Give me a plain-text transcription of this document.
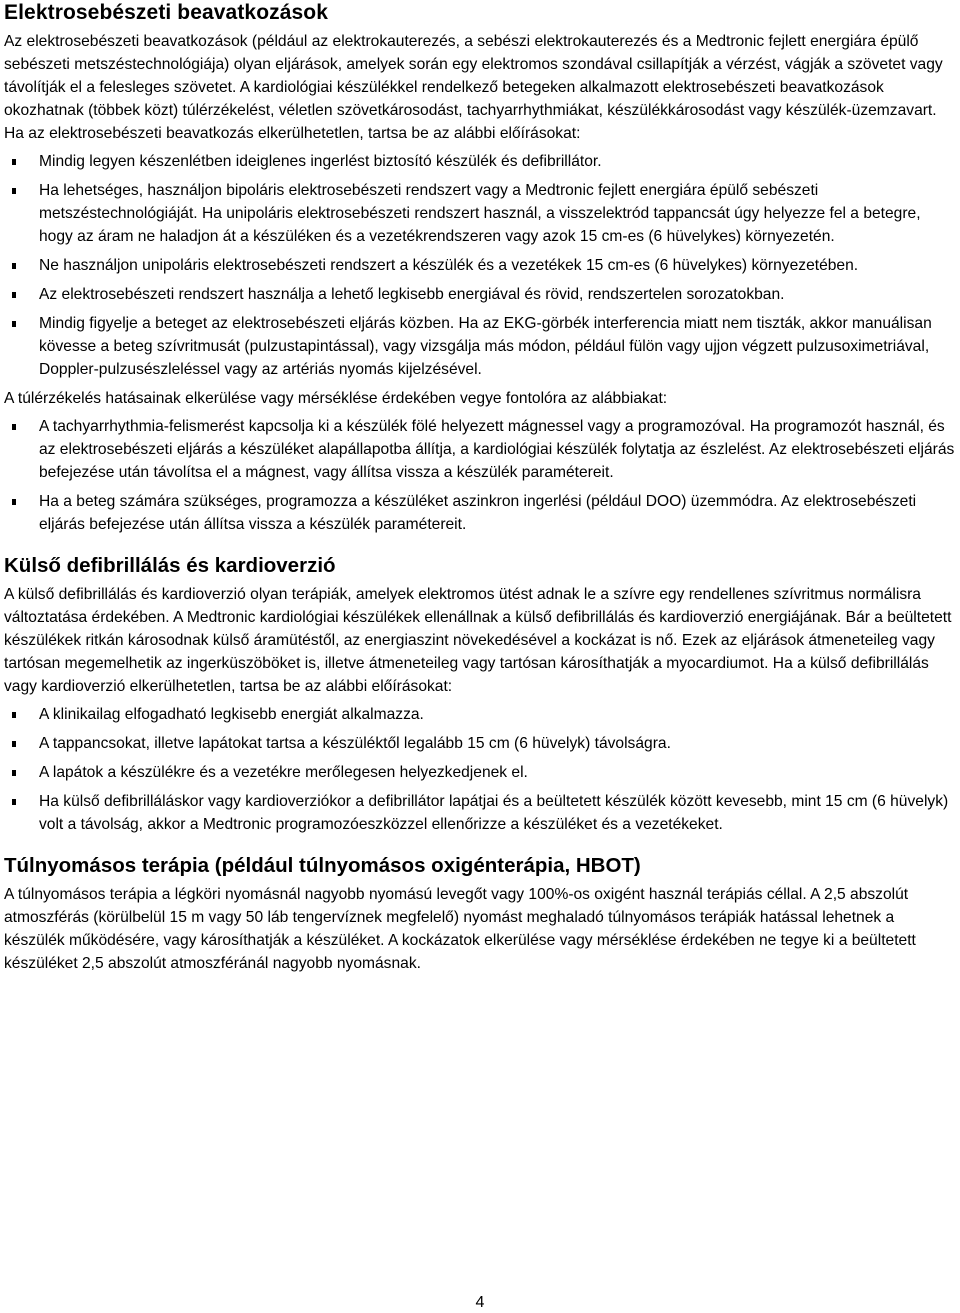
Elektrosebészeti beavatkozások

Az elektrosebészeti beavatkozások (például az elektrokauterezés, a sebészi elektrokauterezés és a Medtronic fejlett energiára épülő sebészeti metszéstechnológiája) olyan eljárások, amelyek során egy elektromos szondával csillapítják a vérzést, vágják a szövetet vagy távolítják el a felesleges szövetet. A kardiológiai készülékkel rendelkező betegeken alkalmazott elektrosebészeti beavatkozások okozhatnak (többek közt) túlérzékelést, véletlen szövetkárosodást, tachyarrhythmiákat, készülékkárosodást vagy készülék-üzemzavart. Ha az elektrosebészeti beavatkozás elkerülhetetlen, tartsa be az alábbi előírásokat:

Mindig legyen készenlétben ideiglenes ingerlést biztosító készülék és defibrillátor.
Ha lehetséges, használjon bipoláris elektrosebészeti rendszert vagy a Medtronic fejlett energiára épülő sebészeti metszéstechnológiáját. Ha unipoláris elektrosebészeti rendszert használ, a visszelektród tappancsát úgy helyezze fel a betegre, hogy az áram ne haladjon át a készüléken és a vezetékrendszeren vagy azok 15 cm-es (6 hüvelykes) környezetén.
Ne használjon unipoláris elektrosebészeti rendszert a készülék és a vezetékek 15 cm-es (6 hüvelykes) környezetében.
Az elektrosebészeti rendszert használja a lehető legkisebb energiával és rövid, rendszertelen sorozatokban.
Mindig figyelje a beteget az elektrosebészeti eljárás közben. Ha az EKG-görbék interferencia miatt nem tiszták, akkor manuálisan kövesse a beteg szívritmusát (pulzustapintással), vagy vizsgálja más módon, például fülön vagy ujjon végzett pulzusoximetriával, Doppler-pulzusészleléssel vagy az artériás nyomás kijelzésével.

A túlérzékelés hatásainak elkerülése vagy mérséklése érdekében vegye fontolóra az alábbiakat:

A tachyarrhythmia-felismerést kapcsolja ki a készülék fölé helyezett mágnessel vagy a programozóval. Ha programozót használ, és az elektrosebészeti eljárás a készüléket alapállapotba állítja, a kardiológiai készülék folytatja az észlelést. Az elektrosebészeti eljárás befejezése után távolítsa el a mágnest, vagy állítsa vissza a készülék paramétereit.
Ha a beteg számára szükséges, programozza a készüléket aszinkron ingerlési (például DOO) üzemmódra. Az elektrosebészeti eljárás befejezése után állítsa vissza a készülék paramétereit.
Külső defibrillálás és kardioverzió

A külső defibrillálás és kardioverzió olyan terápiák, amelyek elektromos ütést adnak le a szívre egy rendellenes szívritmus normálisra változtatása érdekében. A Medtronic kardiológiai készülékek ellenállnak a külső defibrillálás és kardioverzió energiájának. Bár a beültetett készülékek ritkán károsodnak külső áramütéstől, az energiaszint növekedésével a kockázat is nő. Ezek az eljárások átmeneteileg vagy tartósan megemelhetik az ingerküszöböket is, illetve átmeneteileg vagy tartósan károsíthatják a myocardiumot. Ha a külső defibrillálás vagy kardioverzió elkerülhetetlen, tartsa be az alábbi előírásokat:

A klinikailag elfogadható legkisebb energiát alkalmazza.
A tappancsokat, illetve lapátokat tartsa a készüléktől legalább 15 cm (6 hüvelyk) távolságra.
A lapátok a készülékre és a vezetékre merőlegesen helyezkedjenek el.
Ha külső defibrilláláskor vagy kardioverziókor a defibrillátor lapátjai és a beültetett készülék között kevesebb, mint 15 cm (6 hüvelyk) volt a távolság, akkor a Medtronic programozóeszközzel ellenőrizze a készüléket és a vezetékeket.
Túlnyomásos terápia (például túlnyomásos oxigénterápia, HBOT)

A túlnyomásos terápia a légköri nyomásnál nagyobb nyomású levegőt vagy 100%-os oxigént használ terápiás céllal. A 2,5 abszolút atmoszférás (körülbelül 15 m vagy 50 láb tengervíznek megfelelő) nyomást meghaladó túlnyomásos terápiák hatással lehetnek a készülék működésére, vagy károsíthatják a készüléket. A kockázatok elkerülése vagy mérséklése érdekében ne tegye ki a beültetett készüléket 2,5 abszolút atmoszféránál nagyobb nyomásnak.

4
